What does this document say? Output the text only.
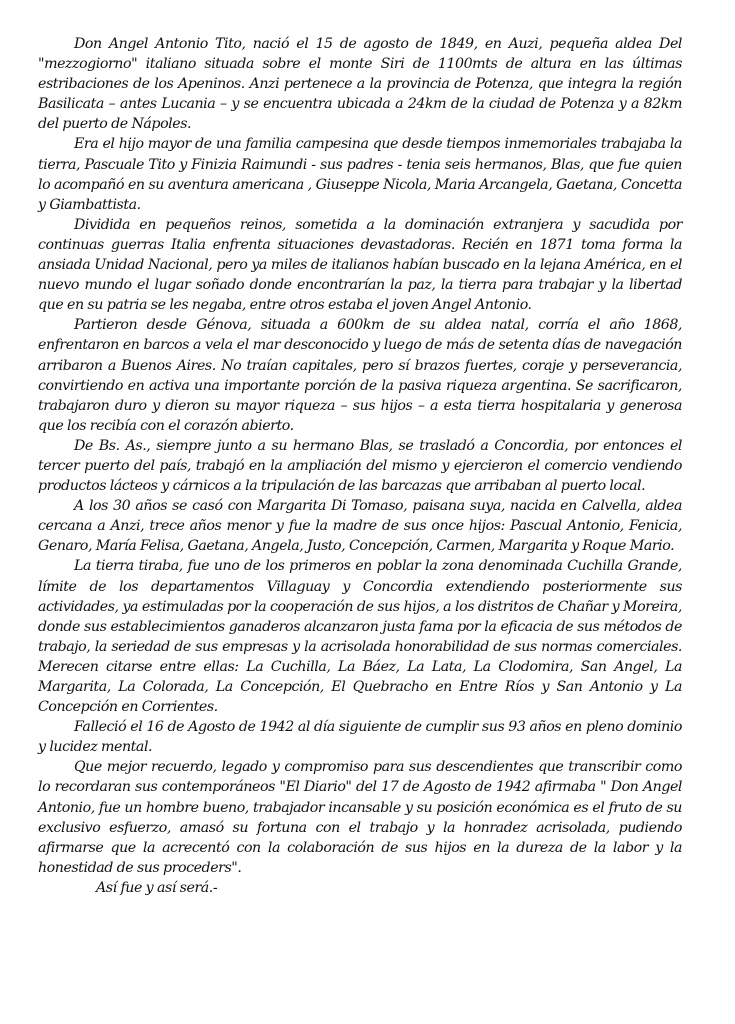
Don Angel Antonio Tito, nació el 15 de agosto de 1849, en Auzi, pequeña aldea Del "mezzogiorno" italiano situada sobre el monte Siri de 1100mts de altura en las últimas estribaciones de los Apeninos. Anzi pertenece a la provincia de Potenza, que integra la región Basilicata – antes Lucania – y se encuentra ubicada a 24km de la ciudad de Potenza y a 82km del puerto de Nápoles.

Era el hijo mayor de una familia campesina que desde tiempos inmemoriales trabajaba la tierra, Pascuale Tito y Finizia Raimundi - sus padres - tenia seis hermanos, Blas, que fue quien lo acompañó en su aventura americana , Giuseppe Nicola, Maria Arcangela, Gaetana, Concetta y Giambattista.

Dividida en pequeños reinos, sometida a la dominación extranjera y sacudida por continuas guerras Italia enfrenta situaciones devastadoras. Recién en 1871 toma forma la ansiada Unidad Nacional, pero ya miles de italianos habían buscado en la lejana América, en el nuevo mundo el lugar soñado donde encontrarían la paz, la tierra para trabajar y la libertad que en su patria se les negaba, entre otros estaba el joven Angel Antonio.

Partieron desde Génova, situada a 600km de su aldea natal, corría el año 1868, enfrentaron en barcos a vela el mar desconocido y luego de más de setenta días de navegación arribaron a Buenos Aires. No traían capitales, pero sí brazos fuertes, coraje y perseverancia, convirtiendo en activa una importante porción de la pasiva riqueza argentina. Se sacrificaron, trabajaron duro y dieron su mayor riqueza – sus hijos – a esta tierra hospitalaria y generosa que los recibía con el corazón abierto.

De Bs. As., siempre junto a su hermano Blas, se trasladó a Concordia, por entonces el tercer puerto del país, trabajó en la ampliación del mismo y ejercieron el comercio vendiendo productos lácteos y cárnicos a la tripulación de las barcazas que arribaban al puerto local.

A los 30 años se casó con Margarita Di Tomaso, paisana suya, nacida en Calvella, aldea cercana a Anzi, trece años menor y fue la madre de sus once hijos: Pascual Antonio, Fenicia, Genaro, María Felisa, Gaetana, Angela, Justo, Concepción, Carmen, Margarita y Roque Mario.

La tierra tiraba, fue uno de los primeros en poblar la zona denominada Cuchilla Grande, límite de los departamentos Villaguay y Concordia extendiendo posteriormente sus actividades, ya estimuladas por la cooperación de sus hijos, a los distritos de Chañar y Moreira, donde sus establecimientos ganaderos alcanzaron justa fama por la eficacia de sus métodos de trabajo, la seriedad de sus empresas y la acrisolada honorabilidad de sus normas comerciales. Merecen citarse entre ellas: La Cuchilla, La Báez, La Lata, La Clodomira, San Angel, La Margarita, La Colorada, La Concepción, El Quebracho en Entre Ríos y San Antonio y La Concepción en Corrientes.

Falleció el 16 de Agosto de 1942 al día siguiente de cumplir sus 93 años en pleno dominio y lucidez mental.

Que mejor recuerdo, legado y compromiso para sus descendientes que transcribir como lo recordaran sus contemporáneos "El Diario" del 17 de Agosto de 1942 afirmaba " Don Angel Antonio, fue un hombre bueno, trabajador incansable y su posición económica es el fruto de su exclusivo esfuerzo, amasó su fortuna con el trabajo y la honradez acrisolada, pudiendo afirmarse que la acrecentó con la colaboración de sus hijos en la dureza de la labor y la honestidad de sus proceders".

Así fue y así será.-
